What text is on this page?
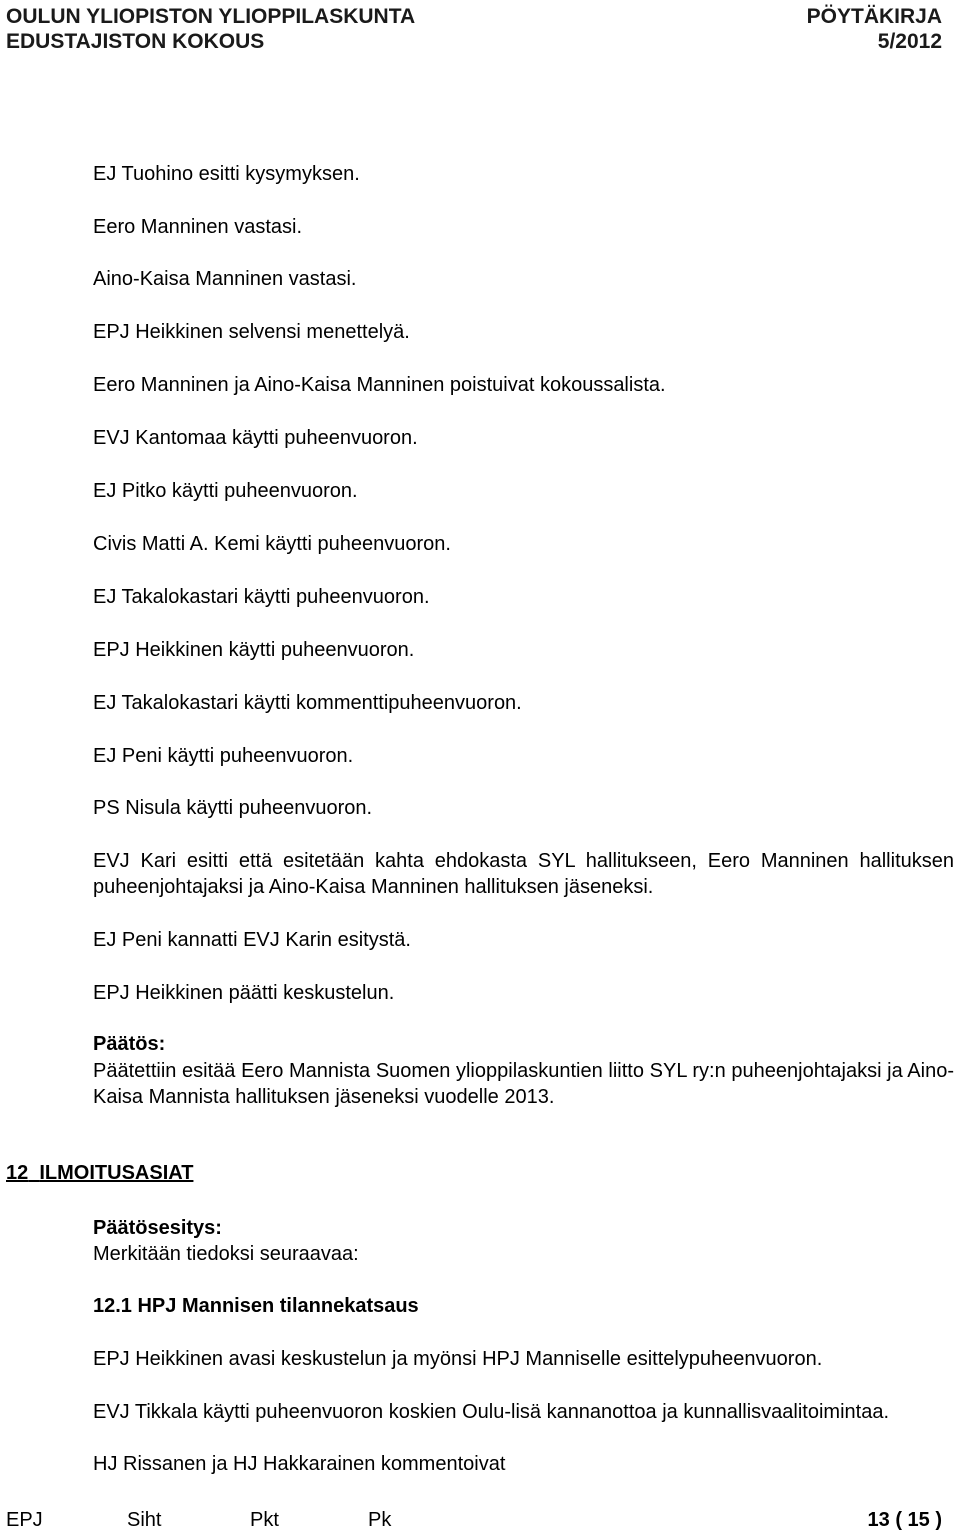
OULUN YLIOPISTON YLIOPPILASKUNTA	PÖYTÄKIRJA
EDUSTAJISTON KOKOUS	5/2012
EJ Tuohino esitti kysymyksen.
Eero Manninen vastasi.
Aino-Kaisa Manninen vastasi.
EPJ Heikkinen selvensi menettelyä.
Eero Manninen ja Aino-Kaisa Manninen poistuivat kokoussalista.
EVJ Kantomaa käytti puheenvuoron.
EJ Pitko käytti puheenvuoron.
Civis Matti A. Kemi käytti puheenvuoron.
EJ Takalokastari käytti puheenvuoron.
EPJ Heikkinen käytti puheenvuoron.
EJ Takalokastari käytti kommenttipuheenvuoron.
EJ Peni käytti puheenvuoron.
PS Nisula käytti puheenvuoron.
EVJ Kari esitti että esitetään kahta ehdokasta SYL hallitukseen, Eero Manninen hallituksen puheenjohtajaksi ja Aino-Kaisa Manninen hallituksen jäseneksi.
EJ Peni kannatti EVJ Karin esitystä.
EPJ Heikkinen päätti keskustelun.
Päätös:
Päätettiin esitää Eero Mannista Suomen ylioppilaskuntien liitto SYL ry:n puheenjohtajaksi ja Aino-Kaisa Mannista hallituksen jäseneksi vuodelle 2013.
12 ILMOITUSASIAT
Päätösesitys:
Merkitään tiedoksi seuraavaa:
12.1 HPJ Mannisen tilannekatsaus
EPJ Heikkinen avasi keskustelun ja myönsi HPJ Manniselle esittelypuheenvuoron.
EVJ Tikkala käytti puheenvuoron koskien Oulu-lisä kannanottoa ja kunnallisvaalitoimintaa.
HJ Rissanen ja HJ Hakkarainen kommentoivat
EPJ	Siht	Pkt	Pk	13 ( 15 )
